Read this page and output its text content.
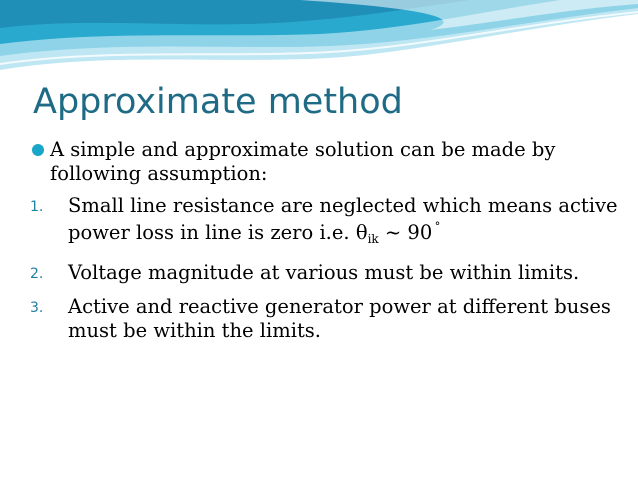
Approximate method
A simple and approximate solution can be made by following assumption:
1. Small line resistance are neglected which means active power loss in line is zero i.e. $\theta_{ik}$ ~ 90 ˚
2. Voltage magnitude at various must be within limits.
3. Active and reactive generator power at different buses must be within the limits.
